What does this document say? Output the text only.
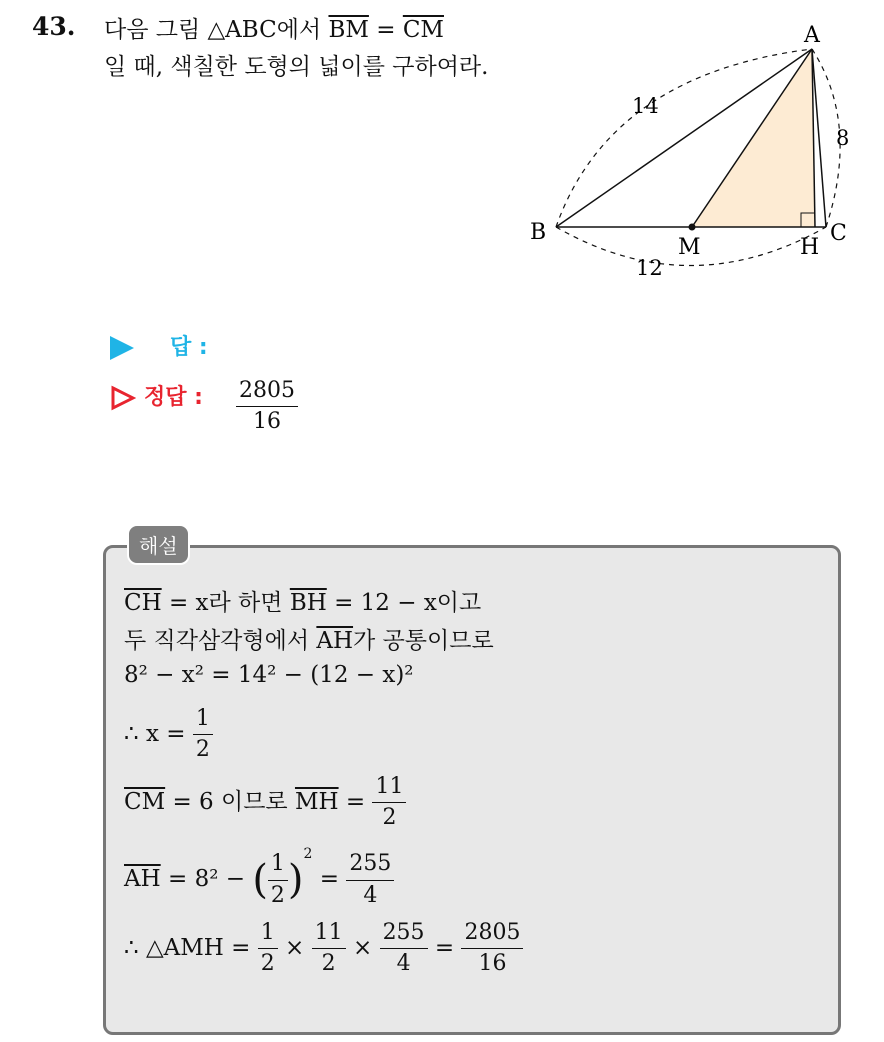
43. 다음 그림 △ABC에서 $\overline{BM} = \overline{CM}$
일 때, 색칠한 도형의 넓이를 구하여라.
A
B	C
M	H
14
8
12
답 :
정답 : $\frac{2805}{16}$
해설
$\overline{CH} = x$라 하면 $\overline{BH} = 12 - x$이고
두 직각삼각형에서 $\overline{AH}$가 공통이므로
8² − x² = 14² − (12 − x)²
∴ $x = \frac{1}{2}$
$\overline{CM} = 6$ 이므로 $\overline{MH} = \frac{11}{2}$
$\overline{AH} = 8^2$ − ( $\frac{1}{2} )^2 = \frac{255}{4}$
∴ △AMH = $\frac{1}{2} \times \frac{11}{2} \times \frac{255}{4} = \frac{2805}{16}$
